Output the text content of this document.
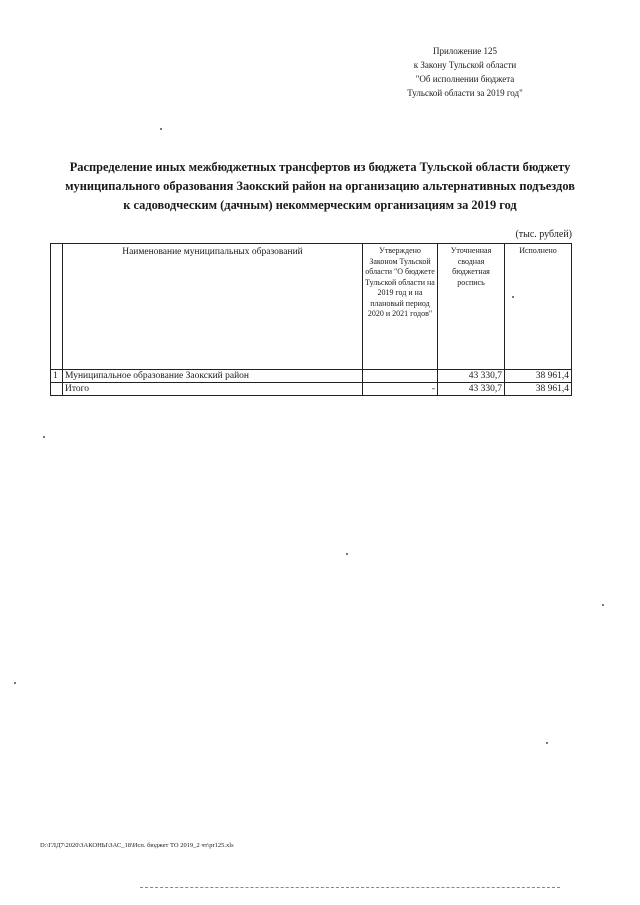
Приложение 125
к Закону Тульской области
"Об исполнении бюджета
Тульской области за 2019 год"
Распределение иных межбюджетных трансфертов из бюджета Тульской области бюджету
муниципального образования Заокский район на организацию альтернативных подъездов
к садоводческим (дачным) некоммерческим организациям за 2019 год
(тыс. рублей)
	Наименование муниципальных образований	Утверждено Законом Тульской области "О бюджете Тульской области на 2019 год и на плановый период 2020 и 2021 годов"	Уточненная сводная бюджетная роспись	Исполнено
1	Муниципальное образование Заокский район		43 330,7	38 961,4
	Итого	-	43 330,7	38 961,4
D:\ГЛД7\2020\ЗАКОНЫ\ЗАС_18\Исп. бюджет ТО 2019_2 чт\pr125.xls
